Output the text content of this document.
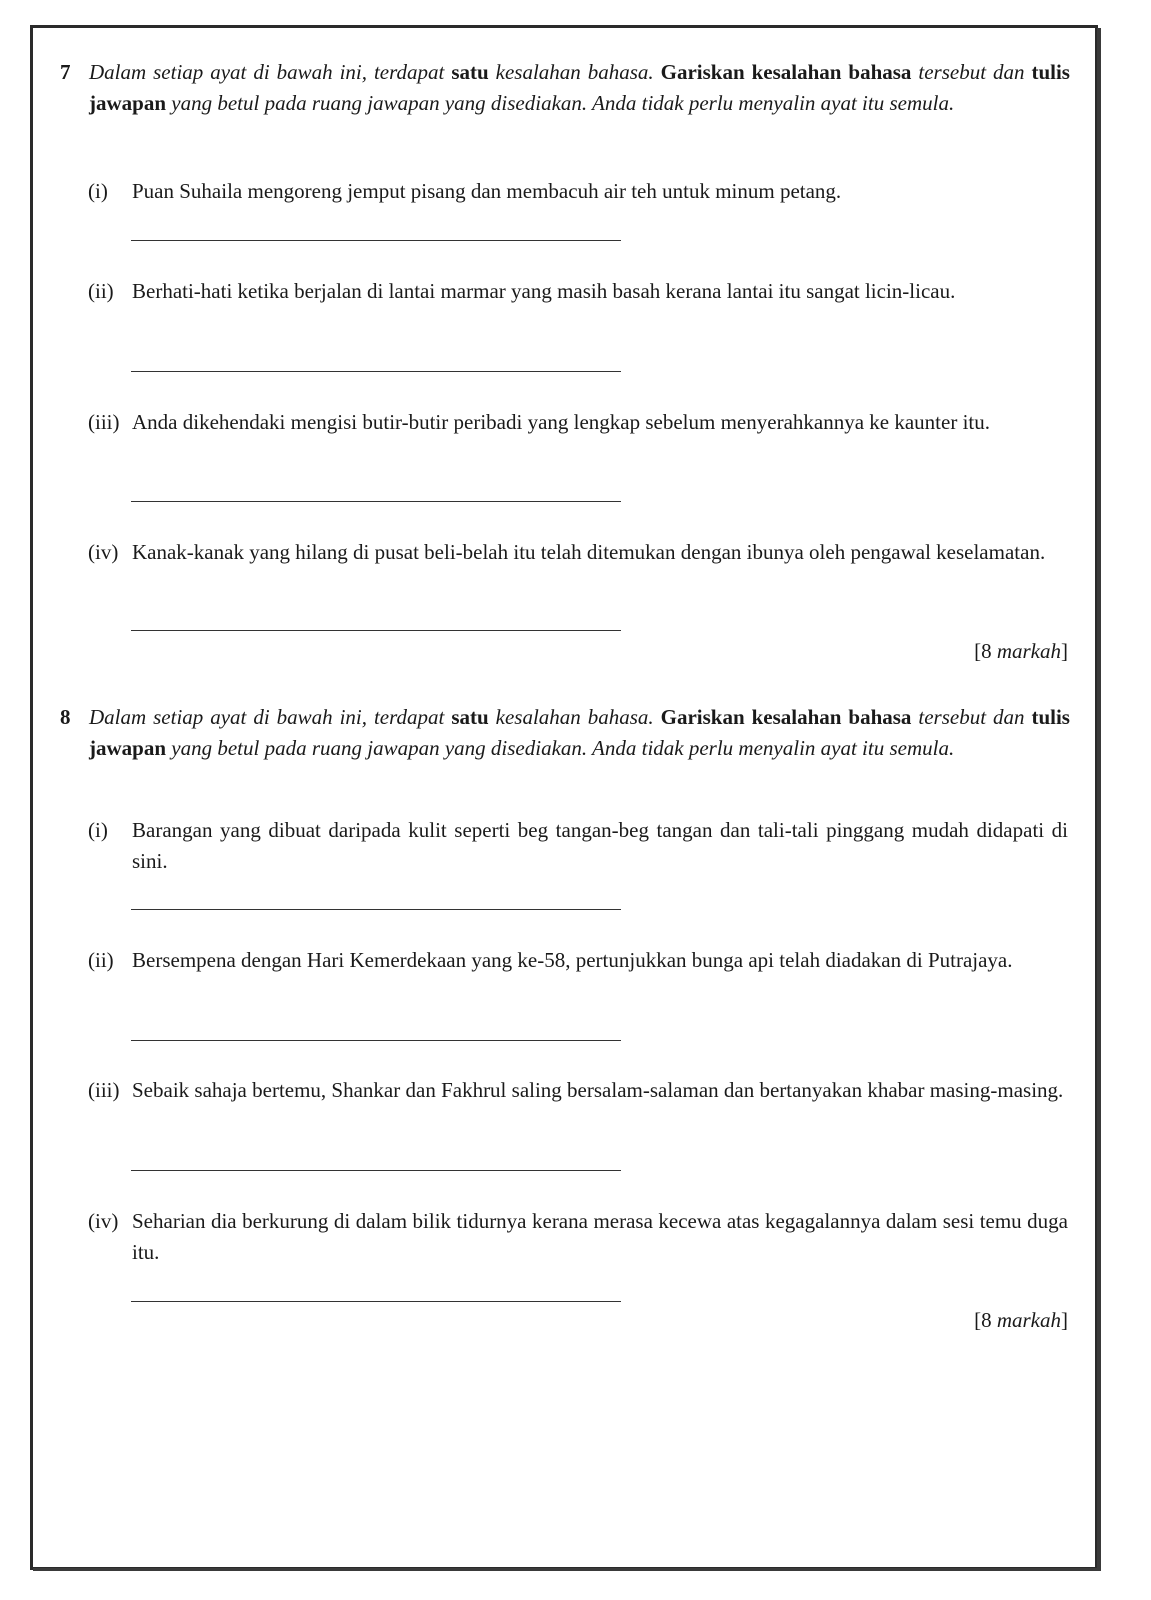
7 Dalam setiap ayat di bawah ini, terdapat satu kesalahan bahasa. Gariskan kesalahan bahasa tersebut dan tulis jawapan yang betul pada ruang jawapan yang disediakan. Anda tidak perlu menyalin ayat itu semula.
(i) Puan Suhaila mengoreng jemput pisang dan membacuh air teh untuk minum petang.
(ii) Berhati-hati ketika berjalan di lantai marmar yang masih basah kerana lantai itu sangat licin-licau.
(iii) Anda dikehendaki mengisi butir-butir peribadi yang lengkap sebelum menyerahkannya ke kaunter itu.
(iv) Kanak-kanak yang hilang di pusat beli-belah itu telah ditemukan dengan ibunya oleh pengawal keselamatan.
[8 markah]
8 Dalam setiap ayat di bawah ini, terdapat satu kesalahan bahasa. Gariskan kesalahan bahasa tersebut dan tulis jawapan yang betul pada ruang jawapan yang disediakan. Anda tidak perlu menyalin ayat itu semula.
(i) Barangan yang dibuat daripada kulit seperti beg tangan-beg tangan dan tali-tali pinggang mudah didapati di sini.
(ii) Bersempena dengan Hari Kemerdekaan yang ke-58, pertunjukkan bunga api telah diadakan di Putrajaya.
(iii) Sebaik sahaja bertemu, Shankar dan Fakhrul saling bersalam-salaman dan bertanyakan khabar masing-masing.
(iv) Seharian dia berkurung di dalam bilik tidurnya kerana merasa kecewa atas kegagalannya dalam sesi temu duga itu.
[8 markah]
